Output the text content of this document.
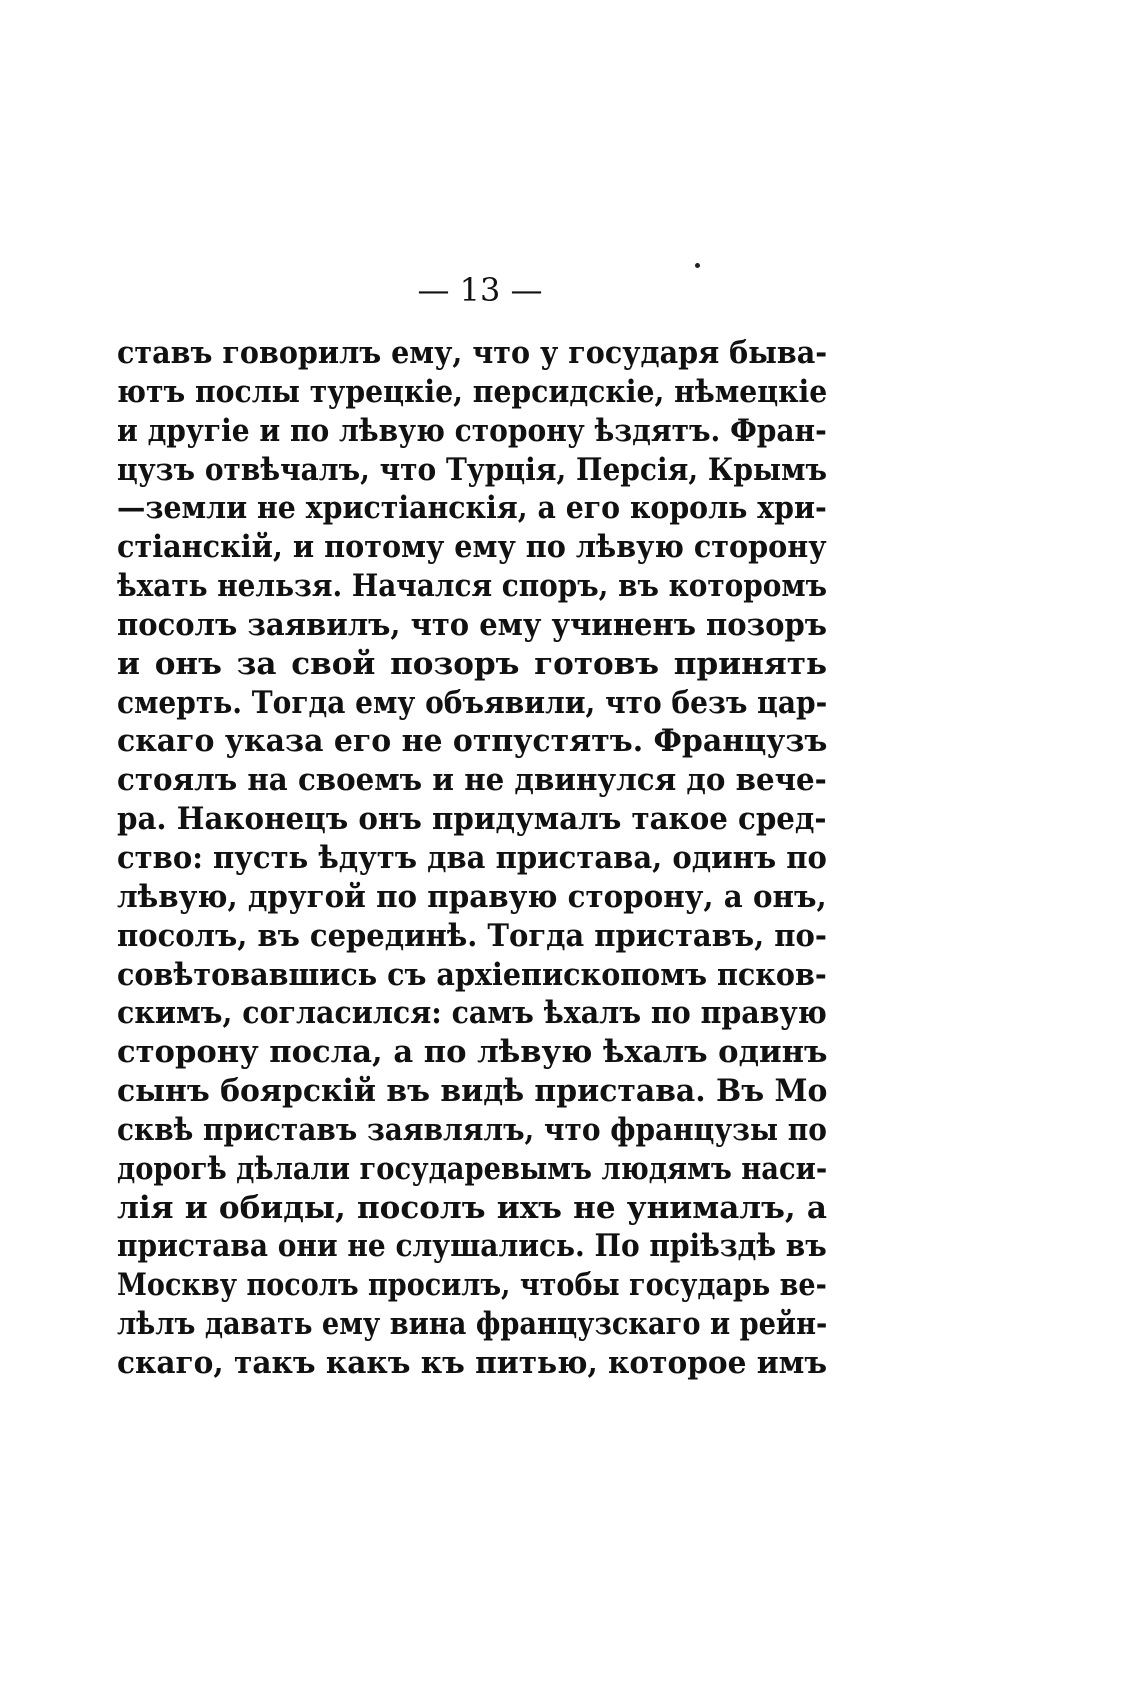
— 13 —
ставъ говорилъ ему, что у государя быва-
ютъ послы турецкіе, персидскіе, нѣмецкіе
и другіе и по лѣвую сторону ѣздятъ. Фран-
цузъ отвѣчалъ, что Турція, Персія, Крымъ
—земли не христіанскія, а его король хри-
стіанскій, и потому ему по лѣвую сторону
ѣхать нельзя. Начался споръ, въ которомъ
посолъ заявилъ, что ему учиненъ позоръ
и онъ за свой позоръ готовъ принять
смерть. Тогда ему объявили, что безъ цар-
скаго указа его не отпустятъ. Французъ
стоялъ на своемъ и не двинулся до вече-
ра. Наконецъ онъ придумалъ такое сред-
ство: пусть ѣдутъ два пристава, одинъ по
лѣвую, другой по правую сторону, а онъ,
посолъ, въ серединѣ. Тогда приставъ, по-
совѣтовавшись съ архіепископомъ псков-
скимъ, согласился: самъ ѣхалъ по правую
сторону посла, а по лѣвую ѣхалъ одинъ
сынъ боярскій въ видѣ пристава. Въ Мо
сквѣ приставъ заявлялъ, что французы по
дорогѣ дѣлали государевымъ людямъ наси-
лія и обиды, посолъ ихъ не унималъ, а
пристава они не слушались. По пріѣздѣ въ
Москву посолъ просилъ, чтобы государь ве-
лѣлъ давать ему вина французскаго и рейн-
скаго, такъ какъ къ питью, которое имъ
